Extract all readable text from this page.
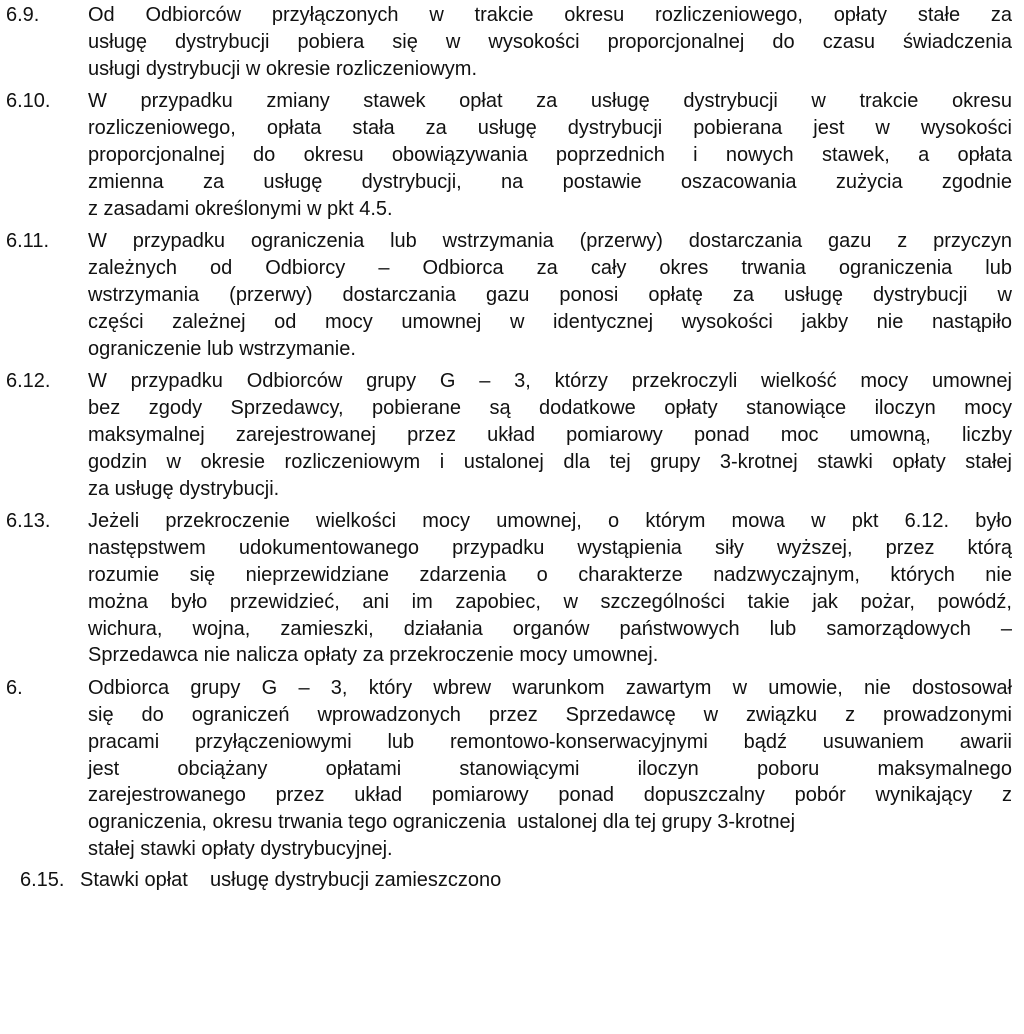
6.9.	Od Odbiorców przyłączonych w trakcie okresu rozliczeniowego, opłaty stałe za
usługę dystrybucji pobiera się w wysokości proporcjonalnej do czasu świadczenia
usługi dystrybucji w okresie rozliczeniowym.
6.10.	W przypadku zmiany stawek opłat za usługę dystrybucji w trakcie okresu
rozliczeniowego, opłata stała za usługę dystrybucji pobierana jest w wysokości
proporcjonalnej do okresu obowiązywania poprzednich i nowych stawek, a opłata
zmienna za usługę dystrybucji, na postawie oszacowania zużycia zgodnie
z zasadami określonymi w pkt 4.5.
6.11.	W przypadku ograniczenia lub wstrzymania (przerwy) dostarczania gazu z przyczyn
zależnych od Odbiorcy – Odbiorca za cały okres trwania ograniczenia lub
wstrzymania (przerwy) dostarczania gazu ponosi opłatę za usługę dystrybucji w
części zależnej od mocy umownej w identycznej wysokości jakby nie nastąpiło
ograniczenie lub wstrzymanie.
6.12.	W przypadku Odbiorców grupy G – 3, którzy przekroczyli wielkość mocy umownej
bez zgody Sprzedawcy, pobierane są dodatkowe opłaty stanowiące iloczyn mocy
maksymalnej zarejestrowanej przez układ pomiarowy ponad moc umowną, liczby
godzin w okresie rozliczeniowym i ustalonej dla tej grupy 3-krotnej stawki opłaty stałej
za usługę dystrybucji.
6.13.	Jeżeli przekroczenie wielkości mocy umownej, o którym mowa w pkt 6.12. było
następstwem udokumentowanego przypadku wystąpienia siły wyższej, przez którą
rozumie się nieprzewidziane zdarzenia o charakterze nadzwyczajnym, których nie
można było przewidzieć, ani im zapobiec, w szczególności takie jak pożar, powódź,
wichura, wojna, zamieszki, działania organów państwowych lub samorządowych –
Sprzedawca nie nalicza opłaty za przekroczenie mocy umownej.
6.	Odbiorca grupy G – 3, który wbrew warunkom zawartym w umowie, nie dostosował
się do ograniczeń wprowadzonych przez Sprzedawcę w związku z prowadzonymi
pracami przyłączeniowymi lub remontowo-konserwacyjnymi bądź usuwaniem awarii
jest obciążany opłatami stanowiącymi iloczyn poboru maksymalnego
zarejestrowanego przez układ pomiarowy ponad dopuszczalny pobór wynikający z
ograniczenia, okresu trwania tego ograniczenia  ustalonej dla tej grupy 3-krotnej
stałej stawki opłaty dystrybucyjnej.
6.15. Stawki opłat    usługę dystrybucji zamieszczono
